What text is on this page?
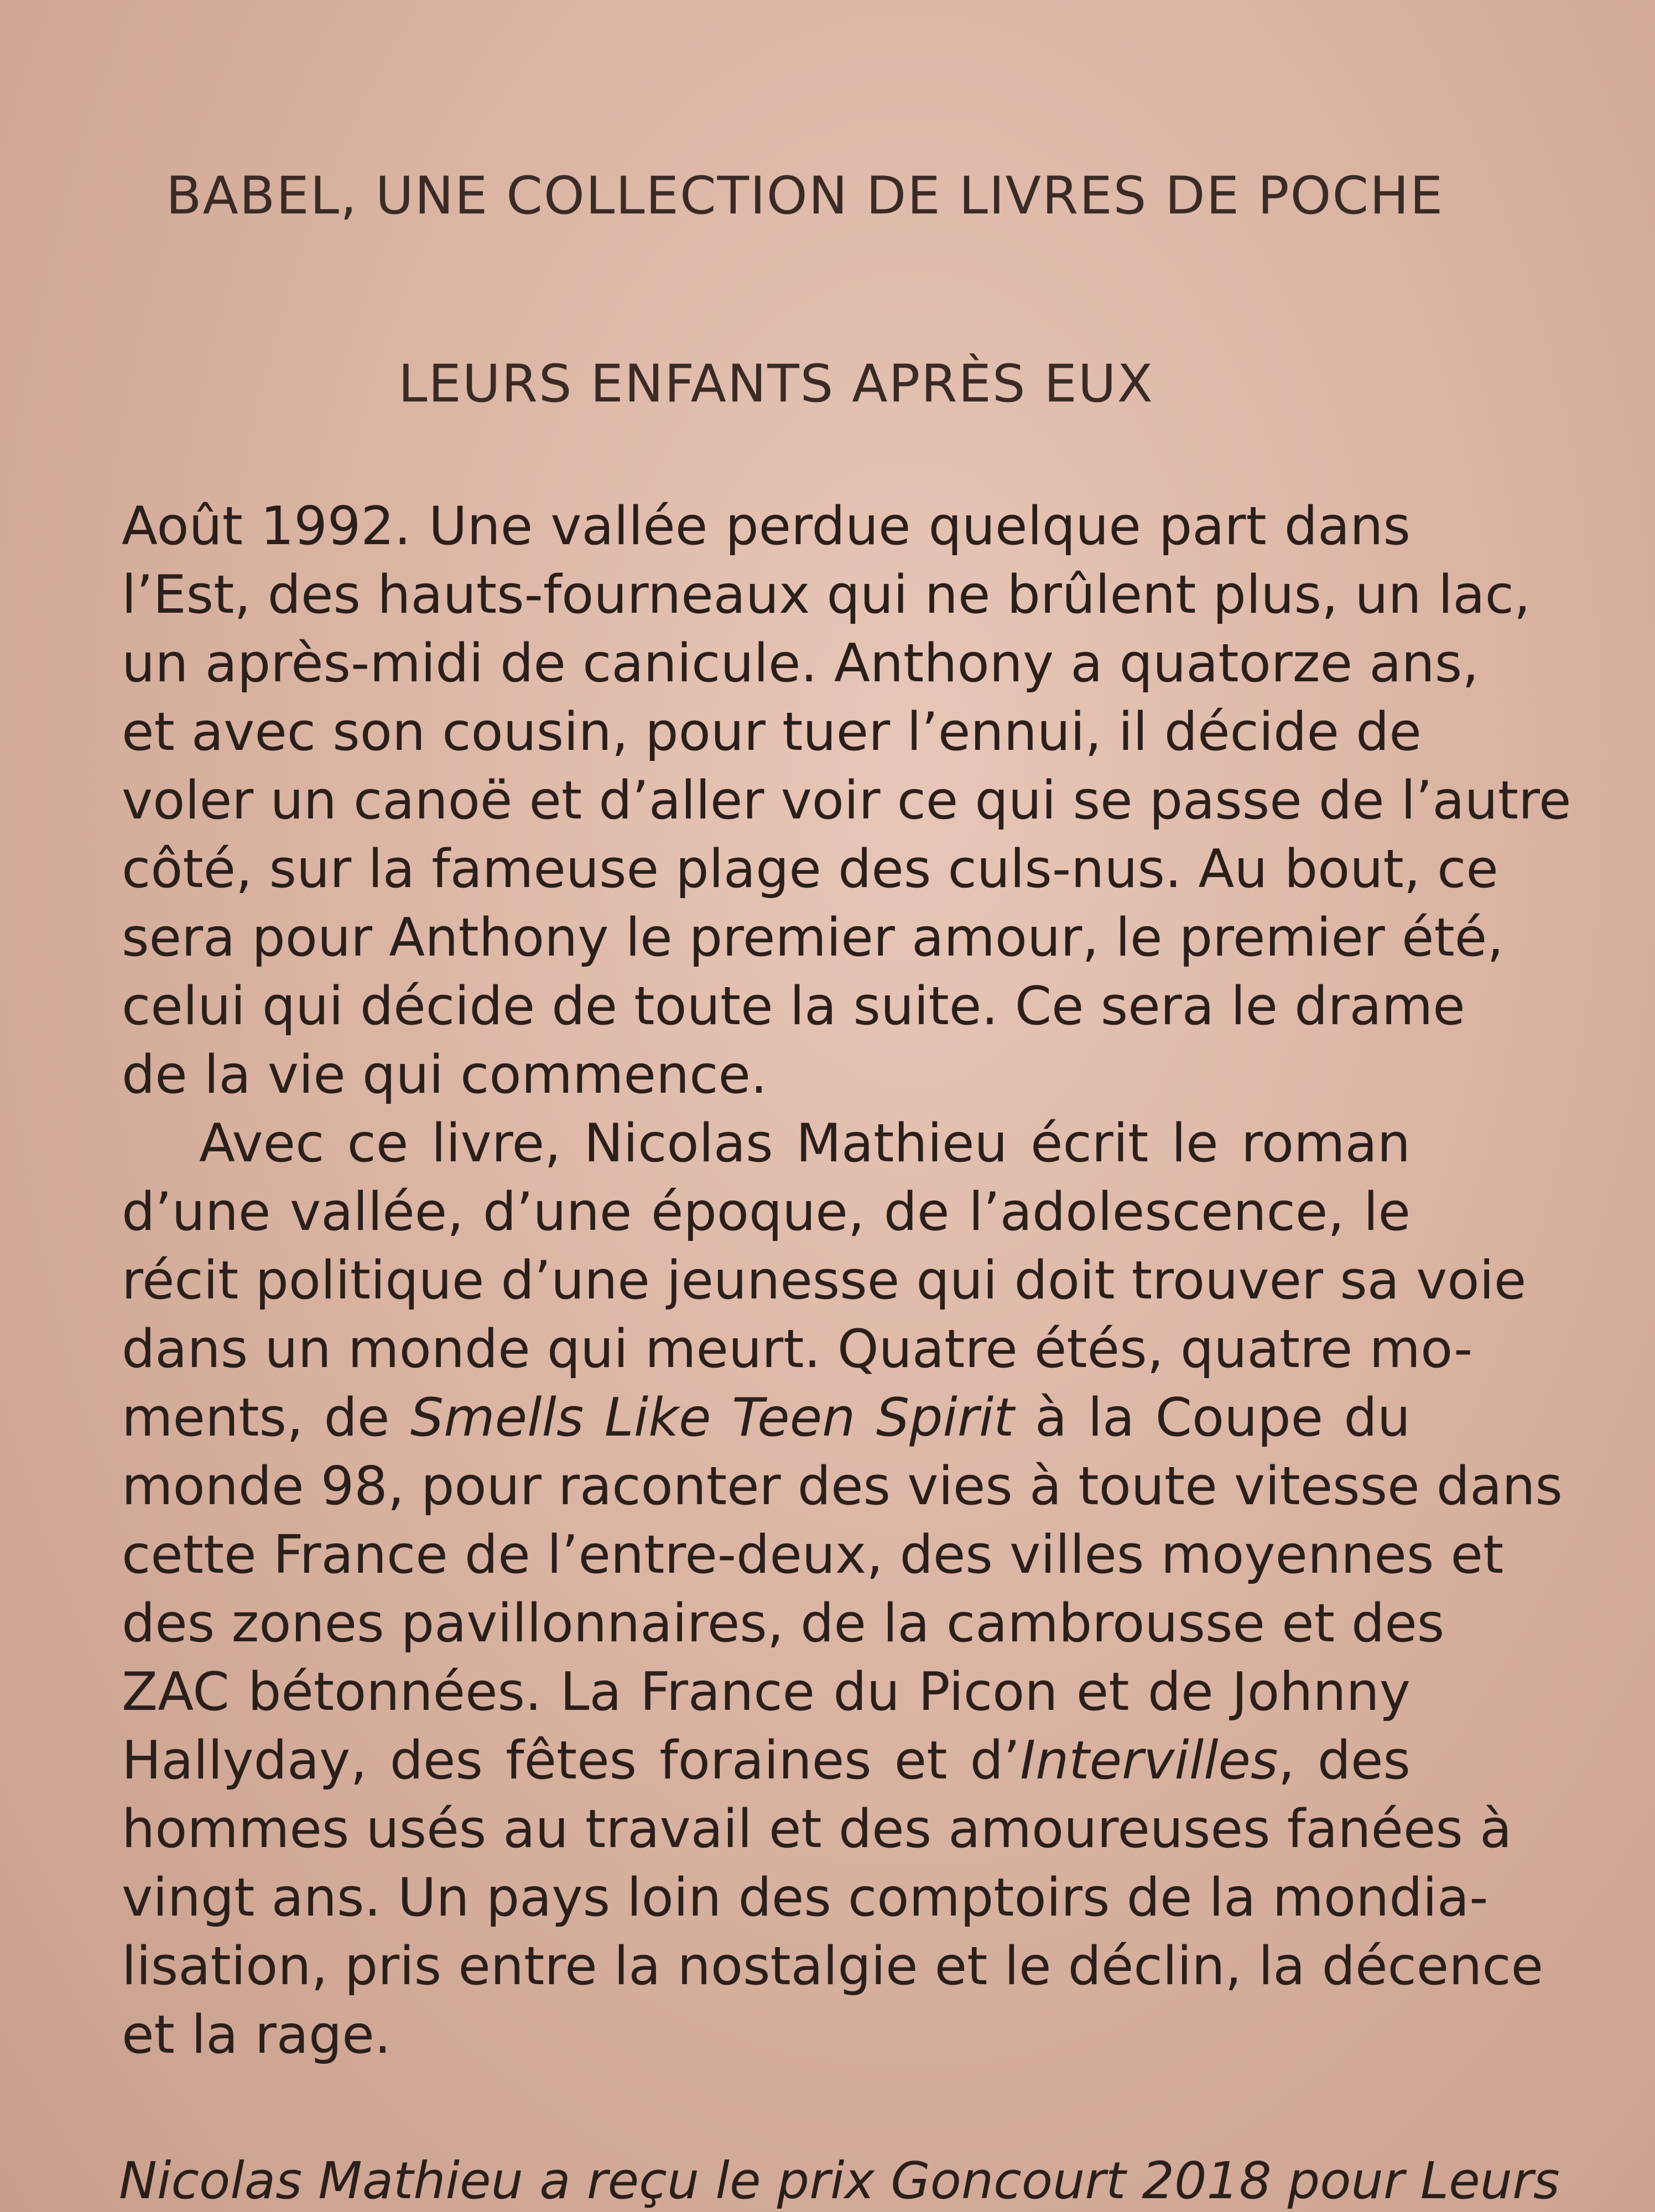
BABEL, UNE COLLECTION DE LIVRES DE POCHE
LEURS ENFANTS APRÈS EUX
Août 1992. Une vallée perdue quelque part dans
l’Est, des hauts-fourneaux qui ne brûlent plus, un lac,
un après-midi de canicule. Anthony a quatorze ans,
et avec son cousin, pour tuer l’ennui, il décide de
voler un canoë et d’aller voir ce qui se passe de l’autre
côté, sur la fameuse plage des culs-nus. Au bout, ce
sera pour Anthony le premier amour, le premier été,
celui qui décide de toute la suite. Ce sera le drame
de la vie qui commence.
Avec ce livre, Nicolas Mathieu écrit le roman
d’une vallée, d’une époque, de l’adolescence, le
récit politique d’une jeunesse qui doit trouver sa voie
dans un monde qui meurt. Quatre étés, quatre mo-
ments, de Smells Like Teen Spirit à la Coupe du
monde 98, pour raconter des vies à toute vitesse dans
cette France de l’entre-deux, des villes moyennes et
des zones pavillonnaires, de la cambrousse et des
ZAC bétonnées. La France du Picon et de Johnny
Hallyday, des fêtes foraines et d’Intervilles, des
hommes usés au travail et des amoureuses fanées à
vingt ans. Un pays loin des comptoirs de la mondia-
lisation, pris entre la nostalgie et le déclin, la décence
et la rage.
Nicolas Mathieu a reçu le prix Goncourt 2018 pour Leurs
